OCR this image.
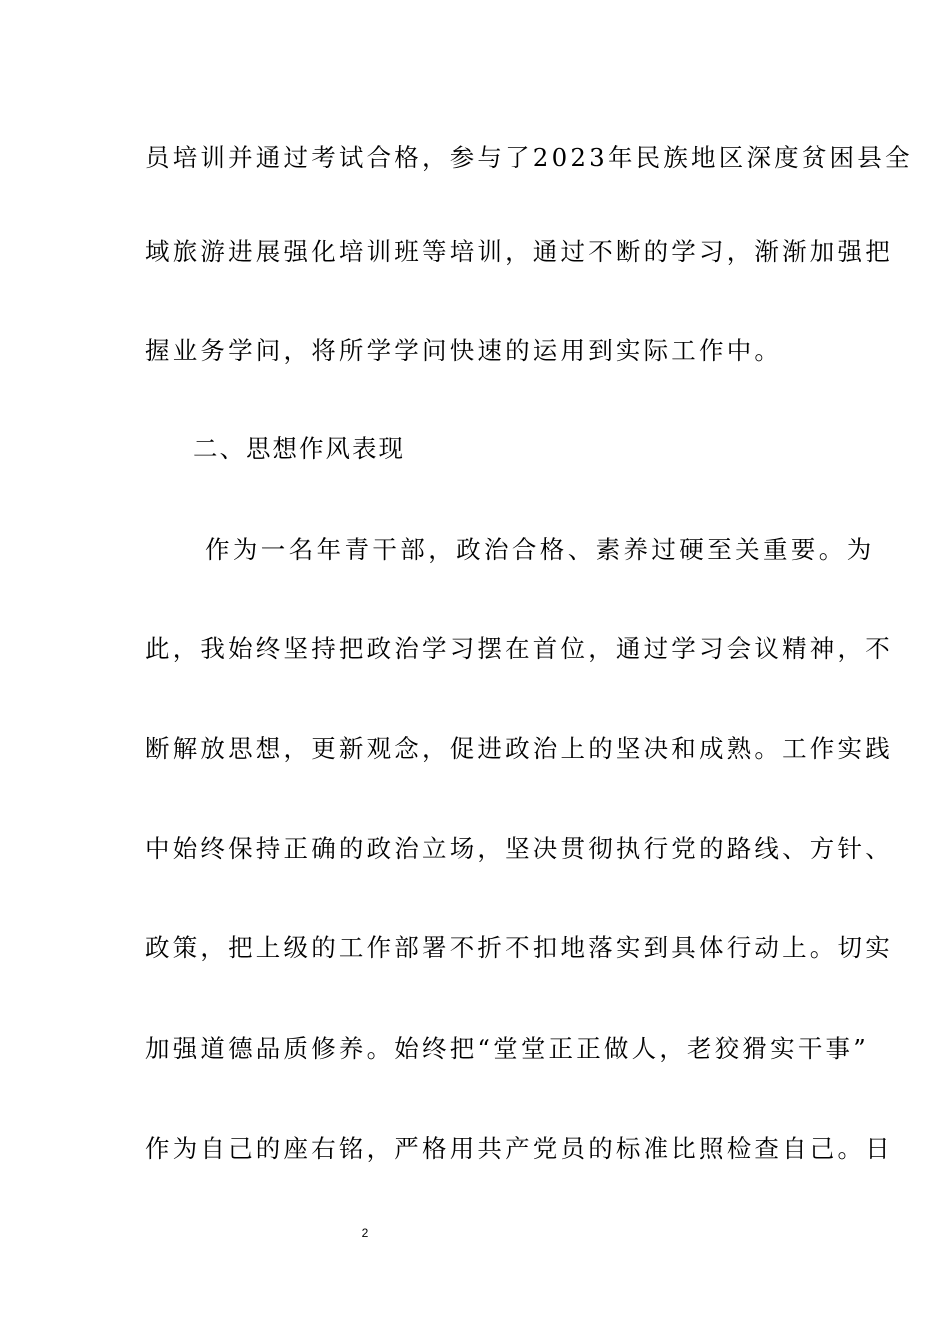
员培训并通过考试合格，参与了2023年民族地区深度贫困县全
域旅游进展强化培训班等培训，通过不断的学习，渐渐加强把
握业务学问，将所学学问快速的运用到实际工作中。
二、思想作风表现
作为一名年青干部，政治合格、素养过硬至关重要。为
此，我始终坚持把政治学习摆在首位，通过学习会议精神，不
断解放思想，更新观念，促进政治上的坚决和成熟。工作实践
中始终保持正确的政治立场，坚决贯彻执行党的路线、方针、
政策，把上级的工作部署不折不扣地落实到具体行动上。切实
加强道德品质修养。始终把“堂堂正正做人，老狡猾实干事”
作为自己的座右铭，严格用共产党员的标准比照检查自己。日
2
